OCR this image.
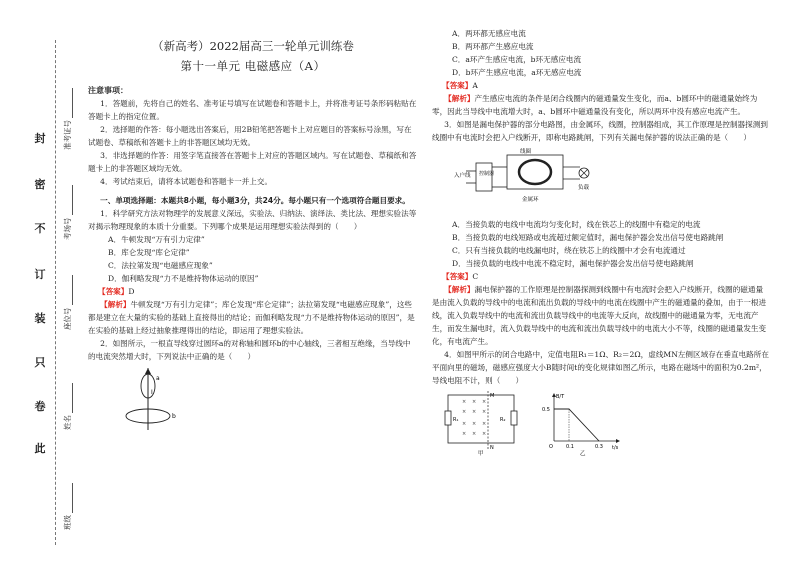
封
密
不
订
装
只
卷
此
准考证号
考场号
座位号
姓名
班级
（新高考）2022届高三一轮单元训练卷
第十一单元 电磁感应（A）
注意事项：

1．答题前，先将自己的姓名、准考证号填写在试题卷和答题卡上，并将准考证号条形码粘贴在答题卡上的指定位置。

2．选择题的作答：每小题选出答案后，用2B铅笔把答题卡上对应题目的答案标号涂黑，写在试题卷、草稿纸和答题卡上的非答题区域均无效。

3．非选择题的作答：用签字笔直接答在答题卡上对应的答题区域内。写在试题卷、草稿纸和答题卡上的非答题区域均无效。

4．考试结束后，请将本试题卷和答题卡一并上交。

一、单项选择题：本题共8小题，每小题3分，共24分。每小题只有一个选项符合题目要求。

1．科学研究方法对物理学的发展意义深远，实验法、归纳法、演绎法、类比法、理想实验法等对揭示物理现象的本质十分重要。下列哪个成果是运用理想实验法得到的（　　）

A．牛顿发现“万有引力定律”

B．库仑发现“库仑定律”

C．法拉第发现“电磁感应现象”

D．伽利略发现“力不是维持物体运动的原因”

【答案】D

【解析】牛顿发现“万有引力定律”；库仑发现“库仑定律”；法拉第发现“电磁感应现象”，这些都是建立在大量的实验的基础上直接得出的结论；而伽利略发现“力不是维持物体运动的原因”，是在实验的基础上经过抽象推理得出的结论，即运用了理想实验法。

2．如图所示，一根直导线穿过圆环a的对称轴和圆环b的中心轴线，三者相互绝缘，当导线中的电流突然增大时，下列说法中正确的是（　　）

a
I
b

A．两环都无感应电流

B．两环都产生感应电流

C．a环产生感应电流，b环无感应电流

D．b环产生感应电流，a环无感应电流

【答案】A

【解析】产生感应电流的条件是闭合线圈内的磁通量发生变化，而a、b圆环中的磁通量始终为零，因此当导线中电流增大时，a、b圆环中磁通量没有变化，所以两环中没有感应电流产生。

3．如图是漏电保护器的部分电路图，由金属环，线圈，控制器组成，其工作原理是控制器探测到线圈中有电流时会把入户线断开，即称电路跳闸，下列有关漏电保护器的说法正确的是（　　）

入户线 控制器
线圈
金属环
负载

A．当接负载的电线中电流均匀变化时，线在铁芯上的线圈中有稳定的电流

B．当接负载的电线短路或电流超过额定值时，漏电保护器会发出信号使电路跳闸

C．只有当接负载的电线漏电时，绕在铁芯上的线圈中才会有电流通过

D．当接负载的电线中电流不稳定时，漏电保护器会发出信号使电路跳闸

【答案】C

【解析】漏电保护器的工作原理是控制器探测到线圈中有电流时会把入户线断开，线圈的磁通量是由流入负载的导线中的电流和流出负载的导线中的电流在线圈中产生的磁通量的叠加，由于一根进线，流入负载导线中的电流和流出负载导线中的电流等大反向，故线圈中的磁通量为零，无电流产生，而发生漏电时，流入负载导线中的电流和流出负载导线中的电流大小不等，线圈的磁通量发生变化，有电流产生。

4．如图甲所示的闭合电路中，定值电阻R₁＝1Ω、R₂＝2Ω，虚线MN左侧区域存在垂直电路所在平面向里的磁场，磁感应强度大小B随时间t的变化规律如图乙所示，电路在磁场中的面积为0.2m²，导线电阻不计，则（　　）

R₁	R₂
M
N
× × ×
× × ×
× × ×
× × ×
甲
B/T
t/s
O
0.5
0.1	0.3
乙
